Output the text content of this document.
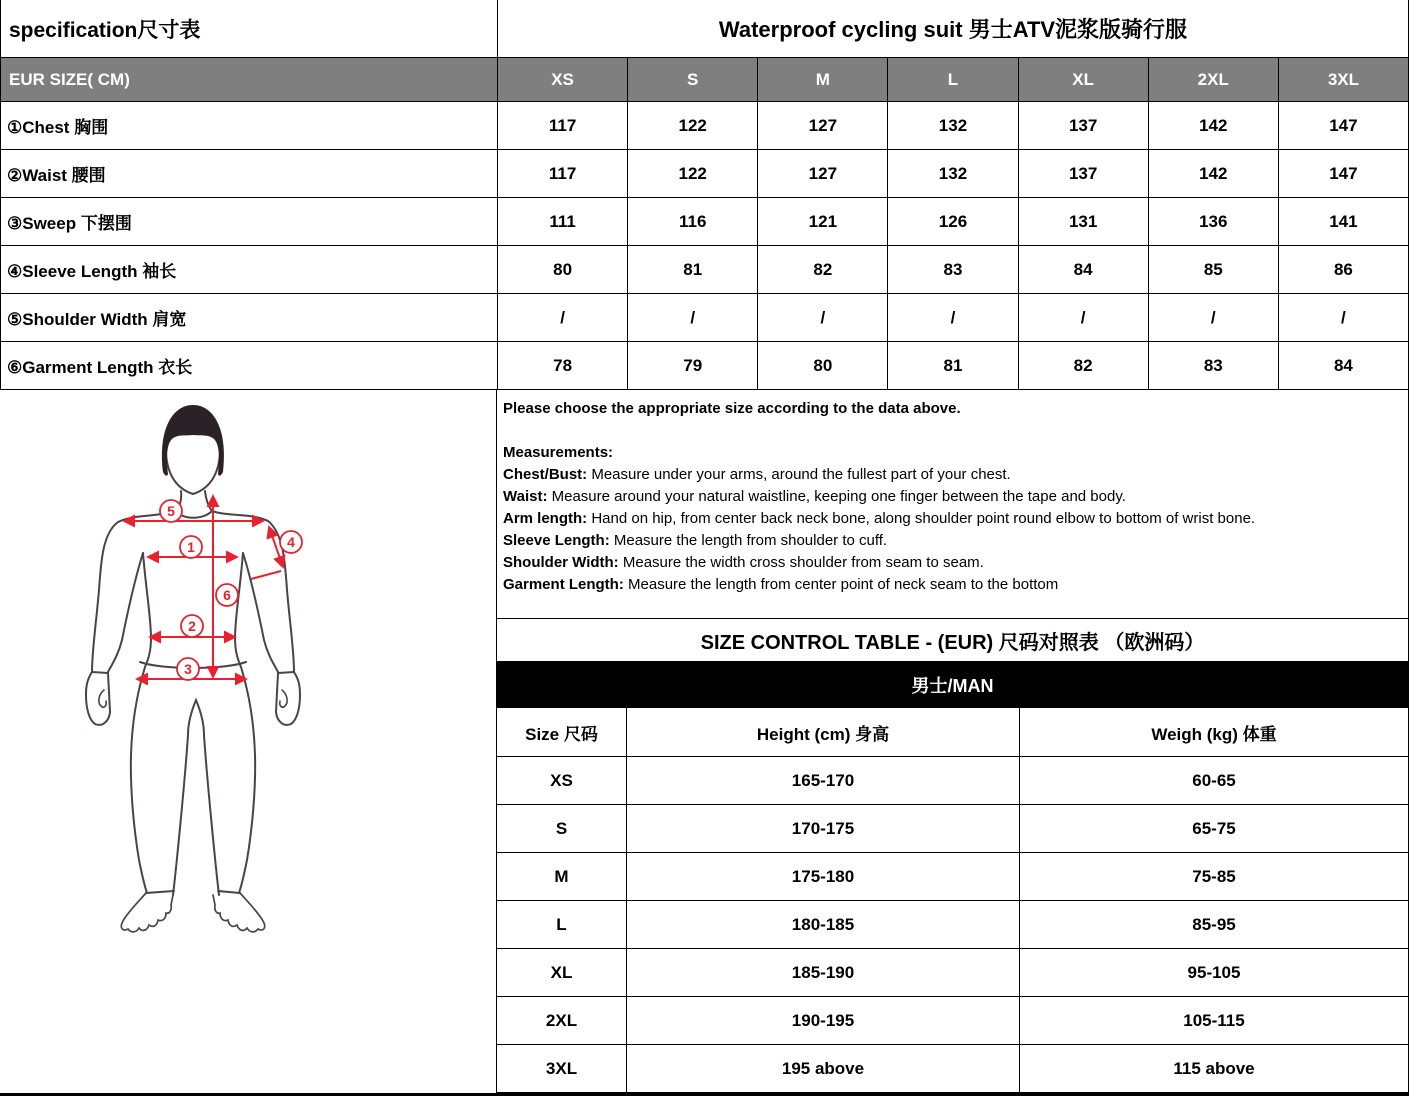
specification尺寸表	Waterproof cycling suit 男士ATV泥浆版骑行服
EUR SIZE( CM)	XS	S	M	L	XL	2XL	3XL
①Chest 胸围	117	122	127	132	137	142	147
②Waist 腰围	117	122	127	132	137	142	147
③Sweep 下摆围	111	116	121	126	131	136	141
④Sleeve Length 袖长	80	81	82	83	84	85	86
⑤Shoulder Width 肩宽	/	/	/	/	/	/	/
⑥Garment Length 衣长	78	79	80	81	82	83	84
5
1	4
6
2
3
Please choose the appropriate size according to the data above.
Measurements:
Chest/Bust: Measure under your arms, around the fullest part of your chest.
Waist: Measure around your natural waistline, keeping one finger between the tape and body.
Arm length: Hand on hip, from center back neck bone, along shoulder point round elbow to bottom of wrist bone.
Sleeve Length: Measure the length from shoulder to cuff.
Shoulder Width: Measure the width cross shoulder from seam to seam.
Garment Length: Measure the length from center point of neck seam to the bottom
SIZE CONTROL TABLE - (EUR) 尺码对照表 （欧洲码）
男士/MAN
Size 尺码	Height (cm) 身高	Weigh (kg) 体重
XS	165-170	60-65
S	170-175	65-75
M	175-180	75-85
L	180-185	85-95
XL	185-190	95-105
2XL	190-195	105-115
3XL	195 above	115 above
